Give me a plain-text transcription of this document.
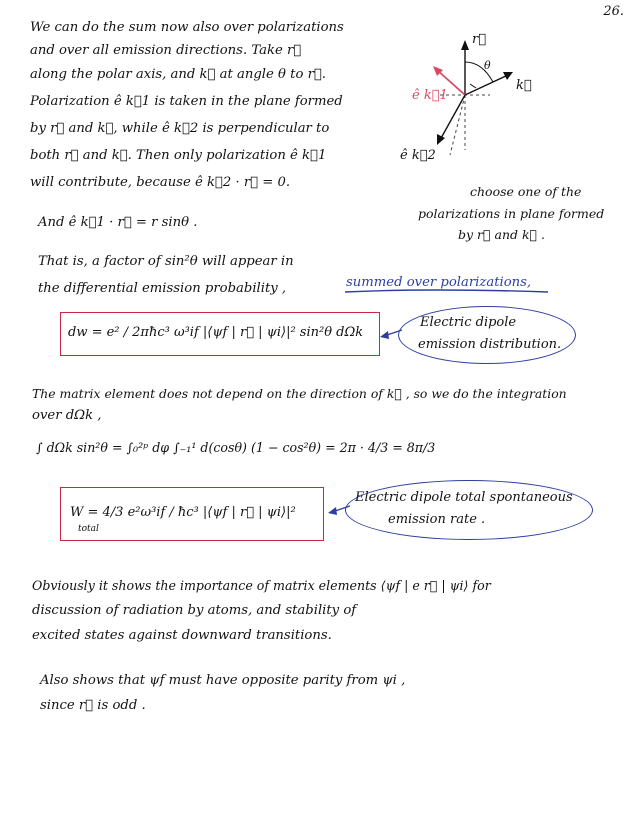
26.
We can do the sum now also over polarizations
and over all emission directions. Take r⃗
along the polar axis, and k⃗ at angle θ to r⃗.
Polarization ê k⃗1 is taken in the plane formed
by r⃗ and k⃗, while ê k⃗2 is perpendicular to
both r⃗ and k⃗. Then only polarization ê k⃗1
will contribute, because ê k⃗2 · r⃗ = 0.
And ê k⃗1 · r⃗ = r sinθ .
r⃗
θ
k⃗
ê k⃗1
ê k⃗2
choose one of the
polarizations in plane formed
by r⃗ and k⃗ .
That is, a factor of sin²θ will appear in
the differential emission probability ,	summed over polarizations,
dw = e² / 2πħc³ ω³if |⟨ψf | r⃗ | ψi⟩|² sin²θ dΩk
Electric dipole
emission distribution.
The matrix element does not depend on the direction of k⃗ , so we do the integration
over dΩk ,
∫ dΩk sin²θ = ∫₀²ᵖ dφ ∫₋₁¹ d(cosθ) (1 − cos²θ) = 2π · 4/3 = 8π/3
W = 4/3 e²ω³if / ħc³ |⟨ψf | r⃗ | ψi⟩|²
total
Electric dipole total spontaneous
emission rate .
Obviously it shows the importance of matrix elements ⟨ψf | e r⃗ | ψi⟩ for
discussion of radiation by atoms, and stability of
excited states against downward transitions.
Also shows that ψf must have opposite parity from ψi ,
since r⃗ is odd .
